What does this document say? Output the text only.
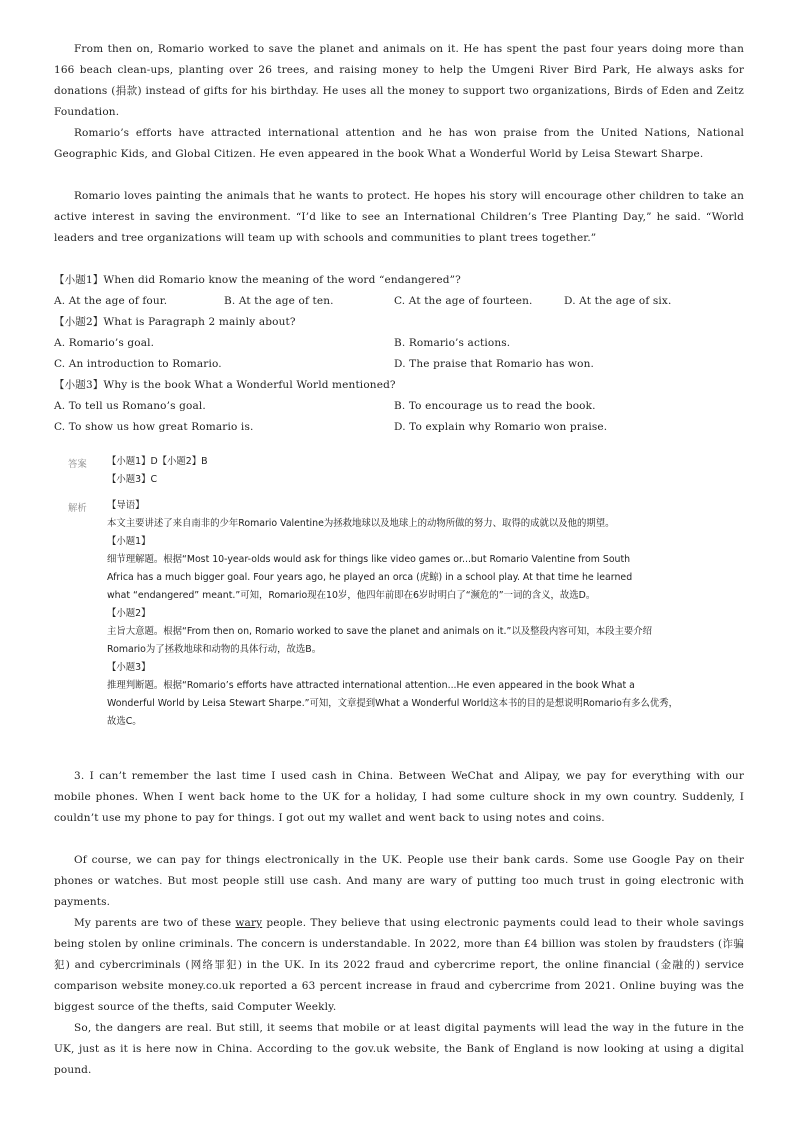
From then on, Romario worked to save the planet and animals on it. He has spent the past four years doing more than 166 beach clean-ups, planting over 26 trees, and raising money to help the Umgeni River Bird Park, He always asks for donations (捐款) instead of gifts for his birthday. He uses all the money to support two organizations, Birds of Eden and Zeitz Foundation.

Romario’s efforts have attracted international attention and he has won praise from the United Nations, National Geographic Kids, and Global Citizen. He even appeared in the book What a Wonderful World by Leisa Stewart Sharpe.

Romario loves painting the animals that he wants to protect. He hopes his story will encourage other children to take an active interest in saving the environment. “I’d like to see an International Children’s Tree Planting Day,” he said. “World leaders and tree organizations will team up with schools and communities to plant trees together.”

【小题1】When did Romario know the meaning of the word “endangered”?

A. At the age of four.	B. At the age of ten.	C. At the age of fourteen.	D. At the age of six.

【小题2】What is Paragraph 2 mainly about?

A. Romario’s goal.	B. Romario’s actions.
C. An introduction to Romario.	D. The praise that Romario has won.

【小题3】Why is the book What a Wonderful World mentioned?

A. To tell us Romano’s goal.	B. To encourage us to read the book.
C. To show us how great Romario is.	D. To explain why Romario won praise.
答案 【小题1】D【小题2】B

【小题3】C

解析 【导语】

本文主要讲述了来自南非的少年Romario Valentine为拯救地球以及地球上的动物所做的努力、取得的成就以及他的期望。

【小题1】

细节理解题。根据“Most 10-year-olds would ask for things like video games or...but Romario Valentine from South

Africa has a much bigger goal. Four years ago, he played an orca (虎鲸) in a school play. At that time he learned

what “endangered” meant.”可知，Romario现在10岁，他四年前即在6岁时明白了“濒危的”一词的含义，故选D。

【小题2】

主旨大意题。根据“From then on, Romario worked to save the planet and animals on it.”以及整段内容可知，本段主要介绍

Romario为了拯救地球和动物的具体行动，故选B。

【小题3】

推理判断题。根据“Romario’s efforts have attracted international attention...He even appeared in the book What a

Wonderful World by Leisa Stewart Sharpe.”可知，文章提到What a Wonderful World这本书的目的是想说明Romario有多么优秀，

故选C。

3. I can’t remember the last time I used cash in China. Between WeChat and Alipay, we pay for everything with our mobile phones. When I went back home to the UK for a holiday, I had some culture shock in my own country. Suddenly, I couldn’t use my phone to pay for things. I got out my wallet and went back to using notes and coins.

Of course, we can pay for things electronically in the UK. People use their bank cards. Some use Google Pay on their phones or watches. But most people still use cash. And many are wary of putting too much trust in going electronic with payments.

My parents are two of these wary people. They believe that using electronic payments could lead to their whole savings being stolen by online criminals. The concern is understandable. In 2022, more than £4 billion was stolen by fraudsters (诈骗犯) and cybercriminals (网络罪犯) in the UK. In its 2022 fraud and cybercrime report, the online financial (金融的) service comparison website money.co.uk reported a 63 percent increase in fraud and cybercrime from 2021. Online buying was the biggest source of the thefts, said Computer Weekly.

So, the dangers are real. But still, it seems that mobile or at least digital payments will lead the way in the future in the UK, just as it is here now in China. According to the gov.uk website, the Bank of England is now looking at using a digital pound.
